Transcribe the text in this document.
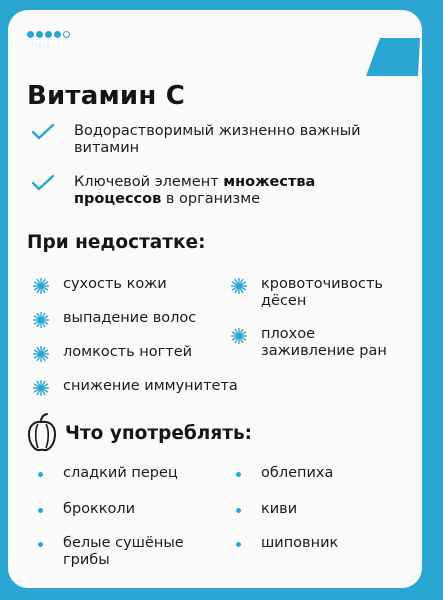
Витамин С
Водорастворимый жизненно важный витамин
Ключевой элемент множества процессов в организме
При недостатке:
сухость кожи
выпадение волос
ломкость ногтей
снижение иммунитета
кровоточивость дёсен
плохое заживление ран
Что употреблять:
сладкий перец
брокколи
белые сушёные грибы
облепиха
киви
шиповник
